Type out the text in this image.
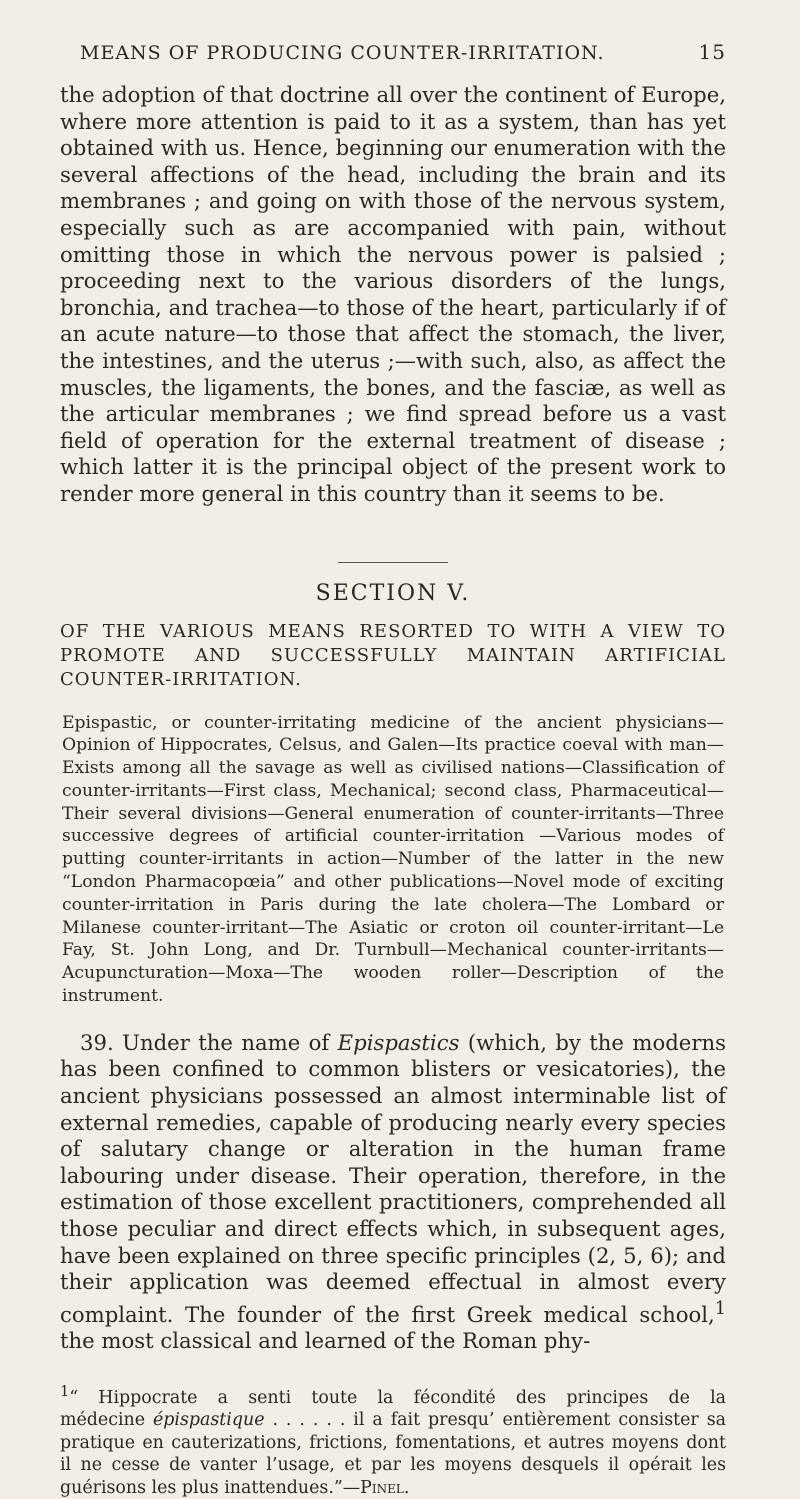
MEANS OF PRODUCING COUNTER-IRRITATION.	15

the adoption of that doctrine all over the continent of Europe, where more attention is paid to it as a system, than has yet obtained with us. Hence, beginning our enumeration with the several affections of the head, including the brain and its membranes ; and going on with those of the nervous system, especially such as are accompanied with pain, without omitting those in which the nervous power is palsied ; proceeding next to the various disorders of the lungs, bronchia, and trachea—to those of the heart, particularly if of an acute nature—to those that affect the stomach, the liver, the intestines, and the uterus ;—with such, also, as affect the muscles, the ligaments, the bones, and the fasciæ, as well as the articular membranes ; we find spread before us a vast field of operation for the external treatment of disease ; which latter it is the principal object of the present work to render more general in this country than it seems to be.

SECTION V.

OF THE VARIOUS MEANS RESORTED TO WITH A VIEW TO PROMOTE AND SUCCESSFULLY MAINTAIN ARTIFICIAL COUNTER-IRRITATION.

Epispastic, or counter-irritating medicine of the ancient physicians—Opinion of Hippocrates, Celsus, and Galen—Its practice coeval with man—Exists among all the savage as well as civilised nations—Classification of counter-irritants—First class, Mechanical; second class, Pharmaceutical—Their several divisions—General enumeration of counter-irritants—Three successive degrees of artificial counter-irritation —Various modes of putting counter-irritants in action—Number of the latter in the new “London Pharmacopœia” and other publications—Novel mode of exciting counter-irritation in Paris during the late cholera—The Lombard or Milanese counter-irritant—The Asiatic or croton oil counter-irritant—Le Fay, St. John Long, and Dr. Turnbull—Mechanical counter-irritants—Acupuncturation—Moxa—The wooden roller—Description of the instrument.

39. Under the name of Epispastics (which, by the moderns has been confined to common blisters or vesicatories), the ancient physicians possessed an almost interminable list of external remedies, capable of producing nearly every species of salutary change or alteration in the human frame labouring under disease. Their operation, therefore, in the estimation of those excellent practitioners, comprehended all those peculiar and direct effects which, in subsequent ages, have been explained on three specific principles (2, 5, 6); and their application was deemed effectual in almost every complaint. The founder of the first Greek medical school,$^1$ the most classical and learned of the Roman phy-

$^1$“ Hippocrate a senti toute la fécondité des principes de la médecine épispastique . . . . . . il a fait presqu’ entièrement consister sa pratique en cauterizations, frictions, fomentations, et autres moyens dont il ne cesse de vanter l’usage, et par les moyens desquels il opérait les guérisons les plus inattendues.”—Pinel.
